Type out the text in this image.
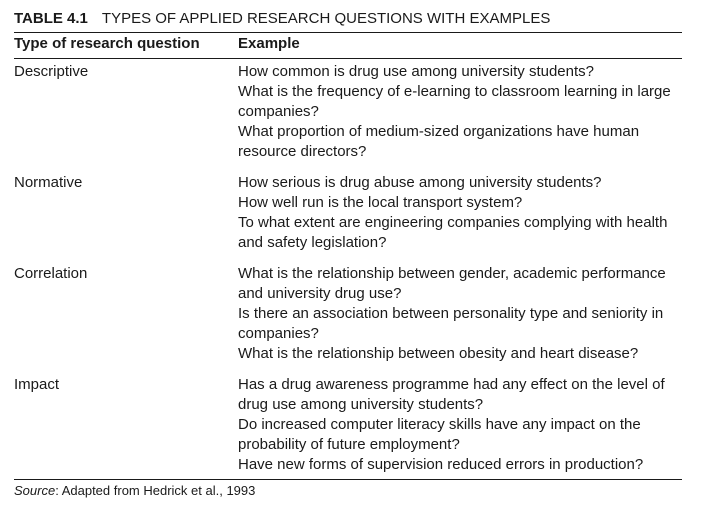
TABLE 4.1 TYPES OF APPLIED RESEARCH QUESTIONS WITH EXAMPLES
Type of research question	Example
Descriptive	How common is drug use among university students?
What is the frequency of e-learning to classroom learning in large companies?
What proportion of medium-sized organizations have human resource directors?
Normative	How serious is drug abuse among university students?
How well run is the local transport system?
To what extent are engineering companies complying with health and safety legislation?
Correlation	What is the relationship between gender, academic performance and university drug use?
Is there an association between personality type and seniority in companies?
What is the relationship between obesity and heart disease?
Impact	Has a drug awareness programme had any effect on the level of drug use among university students?
Do increased computer literacy skills have any impact on the probability of future employment?
Have new forms of supervision reduced errors in production?
Source: Adapted from Hedrick et al., 1993
